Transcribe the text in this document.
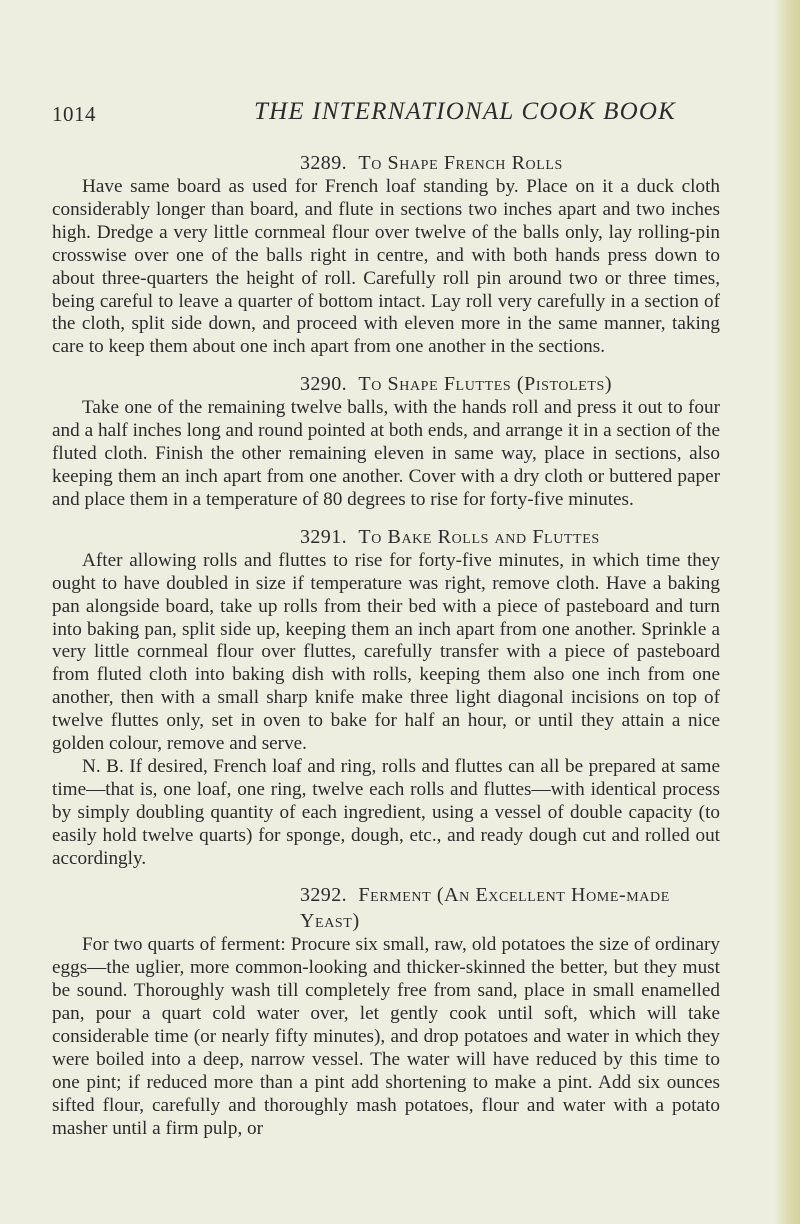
1014	THE INTERNATIONAL COOK BOOK
3289. To Shape French Rolls

Have same board as used for French loaf standing by. Place on it a duck cloth considerably longer than board, and flute in sections two inches apart and two inches high. Dredge a very little cornmeal flour over twelve of the balls only, lay rolling-pin crosswise over one of the balls right in centre, and with both hands press down to about three-quarters the height of roll. Carefully roll pin around two or three times, being careful to leave a quarter of bottom intact. Lay roll very carefully in a section of the cloth, split side down, and proceed with eleven more in the same manner, taking care to keep them about one inch apart from one another in the sections.

3290. To Shape Fluttes (Pistolets)

Take one of the remaining twelve balls, with the hands roll and press it out to four and a half inches long and round pointed at both ends, and arrange it in a section of the fluted cloth. Finish the other remaining eleven in same way, place in sections, also keeping them an inch apart from one another. Cover with a dry cloth or buttered paper and place them in a temperature of 80 degrees to rise for forty-five minutes.

3291. To Bake Rolls and Fluttes

After allowing rolls and fluttes to rise for forty-five minutes, in which time they ought to have doubled in size if temperature was right, remove cloth. Have a baking pan alongside board, take up rolls from their bed with a piece of pasteboard and turn into baking pan, split side up, keeping them an inch apart from one another. Sprinkle a very little cornmeal flour over fluttes, carefully transfer with a piece of pasteboard from fluted cloth into baking dish with rolls, keeping them also one inch from one another, then with a small sharp knife make three light diagonal incisions on top of twelve fluttes only, set in oven to bake for half an hour, or until they attain a nice golden colour, remove and serve.

N. B. If desired, French loaf and ring, rolls and fluttes can all be prepared at same time—that is, one loaf, one ring, twelve each rolls and fluttes—with identical process by simply doubling quantity of each ingredient, using a vessel of double capacity (to easily hold twelve quarts) for sponge, dough, etc., and ready dough cut and rolled out accordingly.

3292. Ferment (An Excellent Home-made Yeast)

For two quarts of ferment: Procure six small, raw, old potatoes the size of ordinary eggs—the uglier, more common-looking and thicker-skinned the better, but they must be sound. Thoroughly wash till completely free from sand, place in small enamelled pan, pour a quart cold water over, let gently cook until soft, which will take considerable time (or nearly fifty minutes), and drop potatoes and water in which they were boiled into a deep, narrow vessel. The water will have reduced by this time to one pint; if reduced more than a pint add shortening to make a pint. Add six ounces sifted flour, carefully and thoroughly mash potatoes, flour and water with a potato masher until a firm pulp, or
